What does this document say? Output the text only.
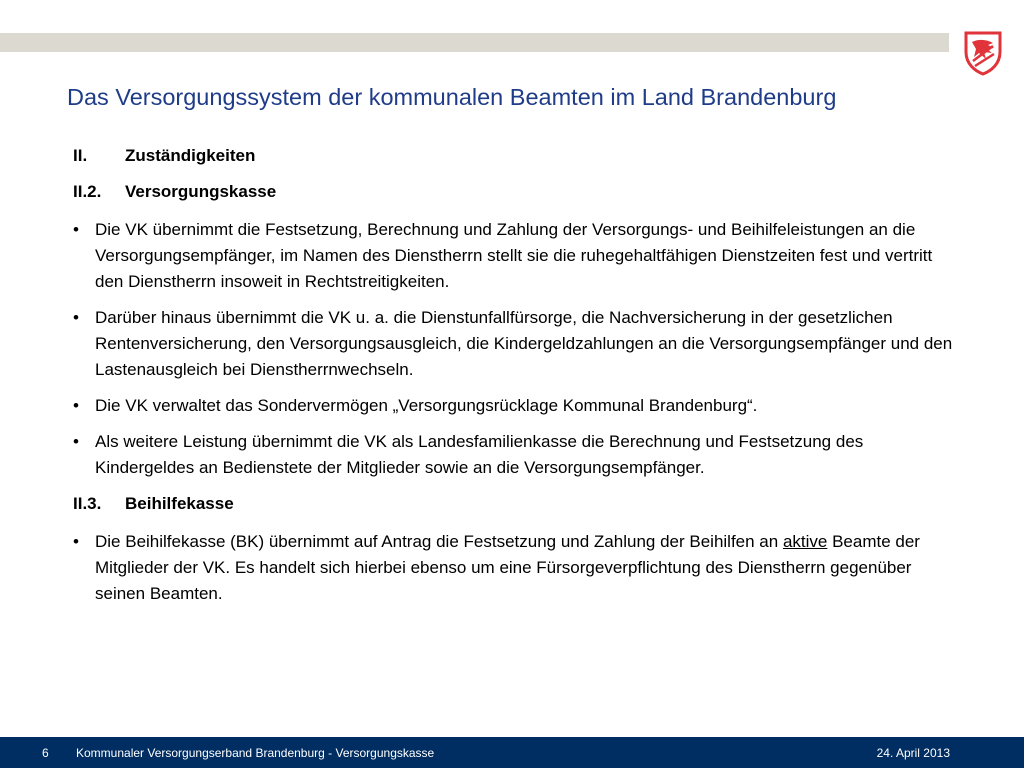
Das Versorgungssystem der kommunalen Beamten im Land Brandenburg
II. Zuständigkeiten
II.2. Versorgungskasse
• Die VK übernimmt die Festsetzung, Berechnung und Zahlung der Versorgungs- und Beihilfeleistungen an die Versorgungsempfänger, im Namen des Dienstherrn stellt sie die ruhegehaltfähigen Dienstzeiten fest und vertritt den Dienstherrn insoweit in Rechtstreitigkeiten.
• Darüber hinaus übernimmt die VK u. a. die Dienstunfallfürsorge, die Nachversicherung in der gesetzlichen Rentenversicherung, den Versorgungsausgleich, die Kindergeldzahlungen an die Versorgungsempfänger und den Lastenausgleich bei Dienstherrnwechseln.
• Die VK verwaltet das Sondervermögen „Versorgungsrücklage Kommunal Brandenburg“.
• Als weitere Leistung übernimmt die VK als Landesfamilienkasse die Berechnung und Festsetzung des Kindergeldes an Bedienstete der Mitglieder sowie an die Versorgungsempfänger.
II.3. Beihilfekasse
• Die Beihilfekasse (BK) übernimmt auf Antrag die Festsetzung und Zahlung der Beihilfen an aktive Beamte der Mitglieder der VK. Es handelt sich hierbei ebenso um eine Fürsorgeverpflichtung des Dienstherrn gegenüber seinen Beamten.
6 Kommunaler Versorgungserband Brandenburg - Versorgungskasse	24. April 2013
